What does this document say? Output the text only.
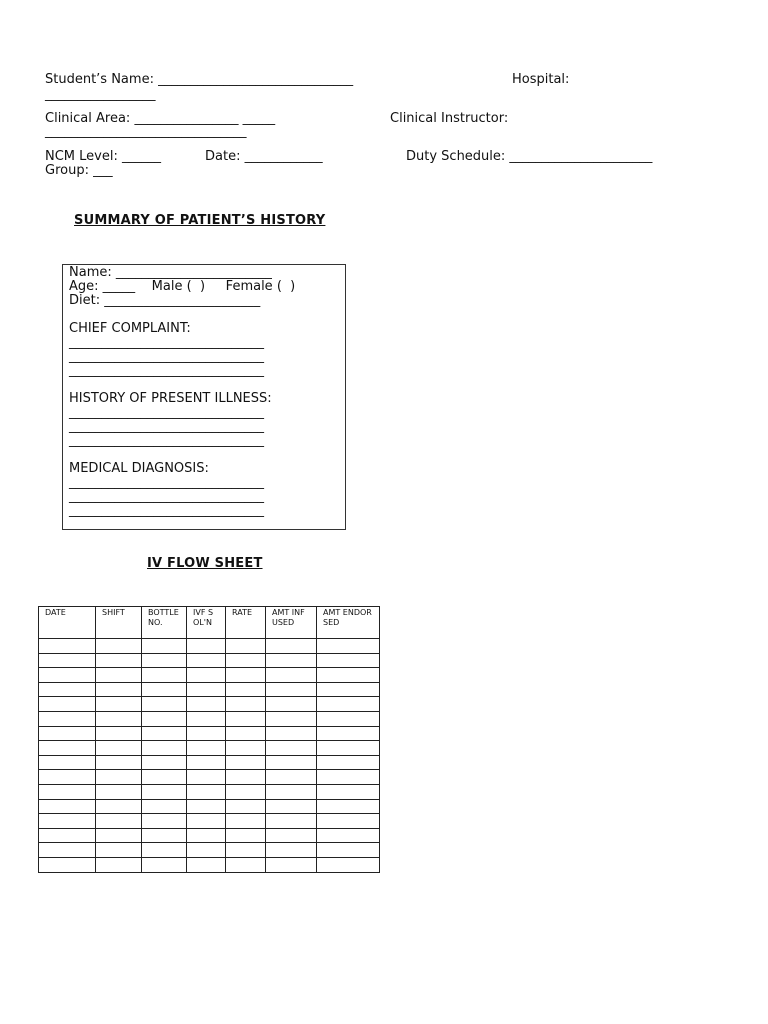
Student’s Name: ______________________________	Hospital:
_________________
Clinical Area: ________________ _____	Clinical Instructor:
_______________________________
NCM Level: ______	Date: ____________	Duty Schedule: ______________________
Group: ___
SUMMARY OF PATIENT’S HISTORY
Name: ________________________
Age: _____    Male (  )     Female (  )
Diet: ________________________
CHIEF COMPLAINT:
______________________________
______________________________
______________________________
HISTORY OF PRESENT ILLNESS:
______________________________
______________________________
______________________________
MEDICAL DIAGNOSIS:
______________________________
______________________________
______________________________
IV FLOW SHEET
DATE	SHIFT	BOTTLE NO.	IVF SOL'N	RATE	AMT INFUSED	AMT ENDORSED
